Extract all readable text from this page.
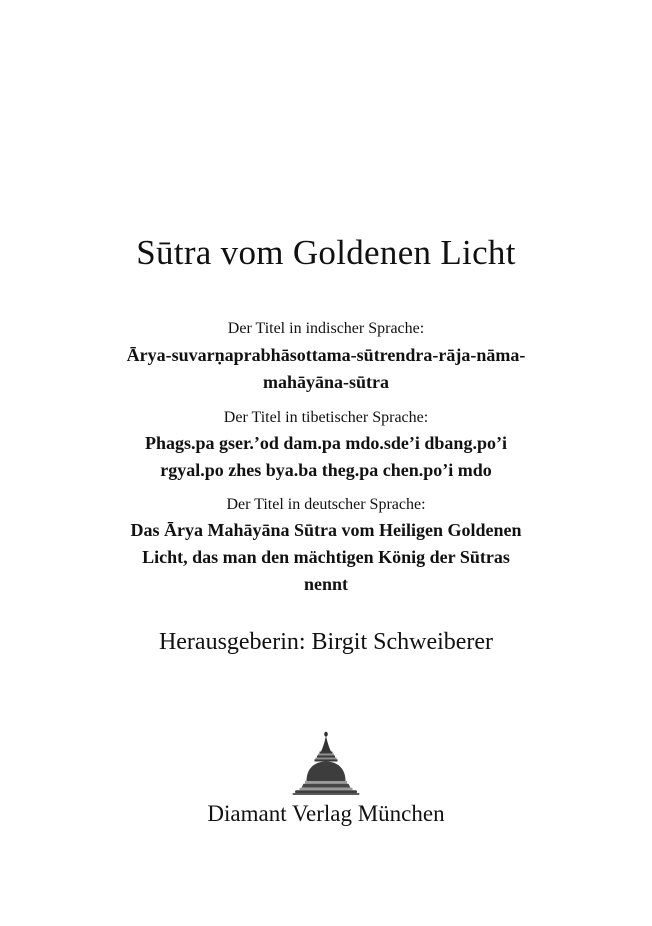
Sūtra vom Goldenen Licht
Der Titel in indischer Sprache:
Ārya-suvarṇaprabhāsottama-sūtrendra-rāja-nāma-
mahāyāna-sūtra
Der Titel in tibetischer Sprache:
Phags.pa gser.’od dam.pa mdo.sde’i dbang.po’i
rgyal.po zhes bya.ba theg.pa chen.po’i mdo
Der Titel in deutscher Sprache:
Das Ārya Mahāyāna Sūtra vom Heiligen Goldenen
Licht, das man den mächtigen König der Sūtras
nennt
Herausgeberin: Birgit Schweiberer
Diamant Verlag München
